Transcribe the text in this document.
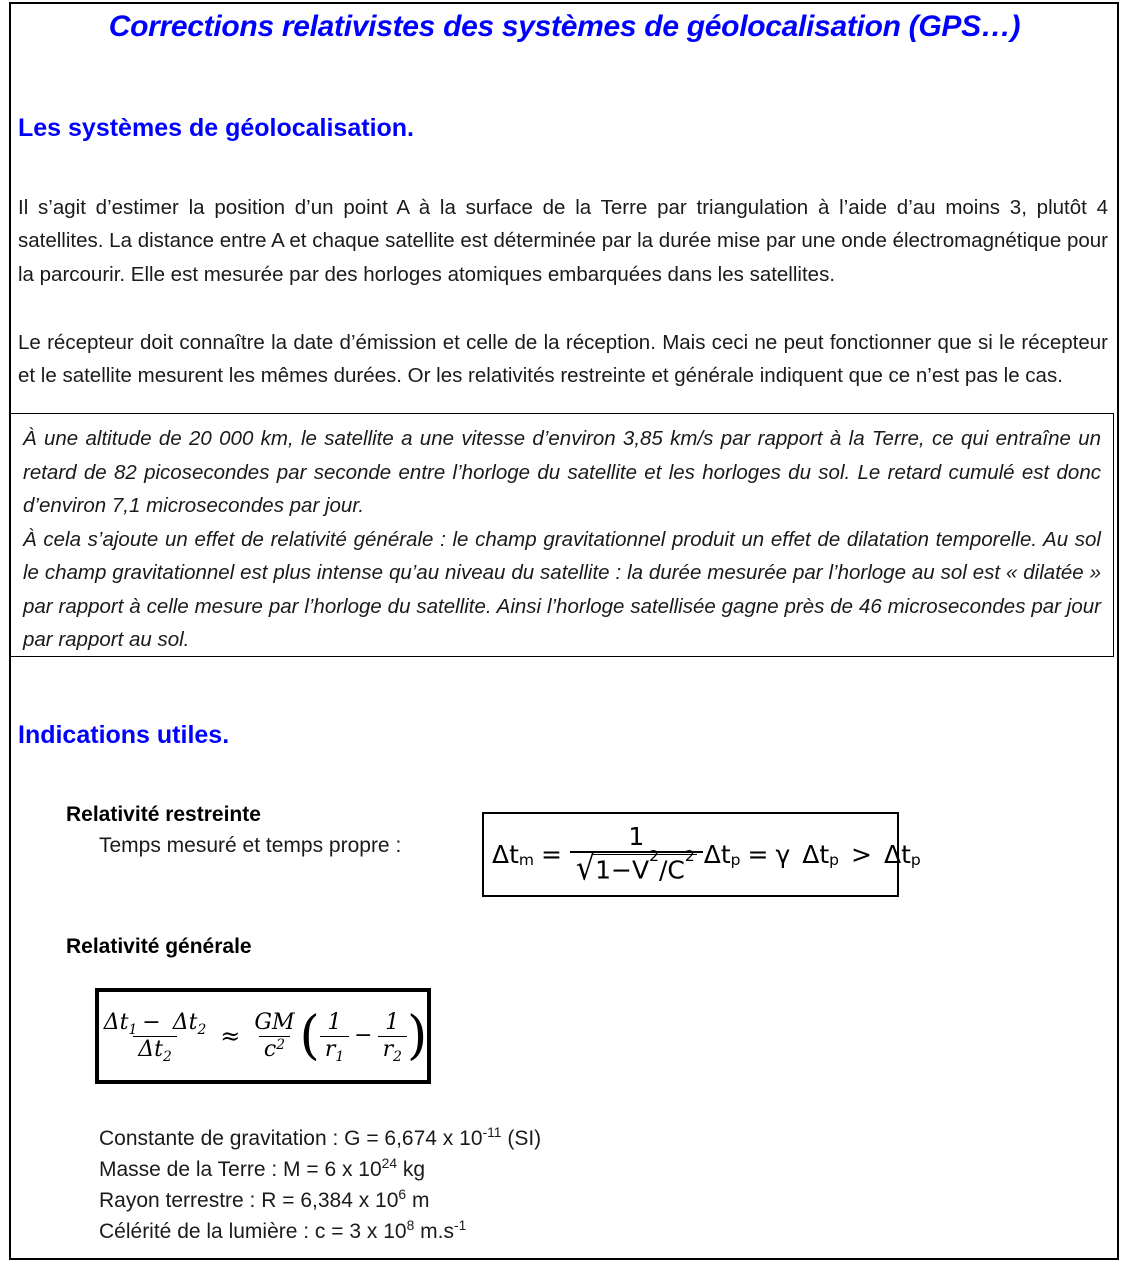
Corrections relativistes des systèmes de géolocalisation (GPS…)
Les systèmes de géolocalisation.

Il s’agit d’estimer la position d’un point A à la surface de la Terre par triangulation à l’aide d’au moins 3, plutôt 4 satellites. La distance entre A et chaque satellite est déterminée par la durée mise par une onde électromagnétique pour la parcourir. Elle est mesurée par des horloges atomiques embarquées dans les satellites.

Le récepteur doit connaître la date d’émission et celle de la réception. Mais ceci ne peut fonctionner que si le récepteur et le satellite mesurent les mêmes durées. Or les relativités restreinte et générale indiquent que ce n’est pas le cas.

À une altitude de 20 000 km, le satellite a une vitesse d’environ 3,85 km/s par rapport à la Terre, ce qui entraîne un retard de 82 picosecondes par seconde entre l’horloge du satellite et les horloges du sol. Le retard cumulé est donc d’environ 7,1 microsecondes par jour.

À cela s’ajoute un effet de relativité générale : le champ gravitationnel produit un effet de dilatation temporelle. Au sol le champ gravitationnel est plus intense qu’au niveau du satellite : la durée mesurée par l’horloge au sol est « dilatée » par rapport à celle mesure par l’horloge du satellite. Ainsi l’horloge satellisée gagne près de 46 microsecondes par jour par rapport au sol.

Indications utiles.
Relativité restreinte
Temps mesuré et temps propre :	Δ t $m = \frac{1}{√ 1-V^2/C^2}$ Δ t p = γ Δ t p > Δ t p
Relativité générale
$\frac{\Delta t_1 - \Delta t_2}{\Delta t_2} \approx \frac{GM}{c^2}$ ( $\frac{1}{r_1} - \frac{1}{r_2}$ )
Constante de gravitation : G = 6,674 x $10^{-11}$ (SI)
Masse de la Terre : M = 6 x $10^{24}$ kg
Rayon terrestre : R = 6,384 x $10^6$ m
Célérité de la lumière : c = 3 x $10^8$ $m.s^{-1}$
